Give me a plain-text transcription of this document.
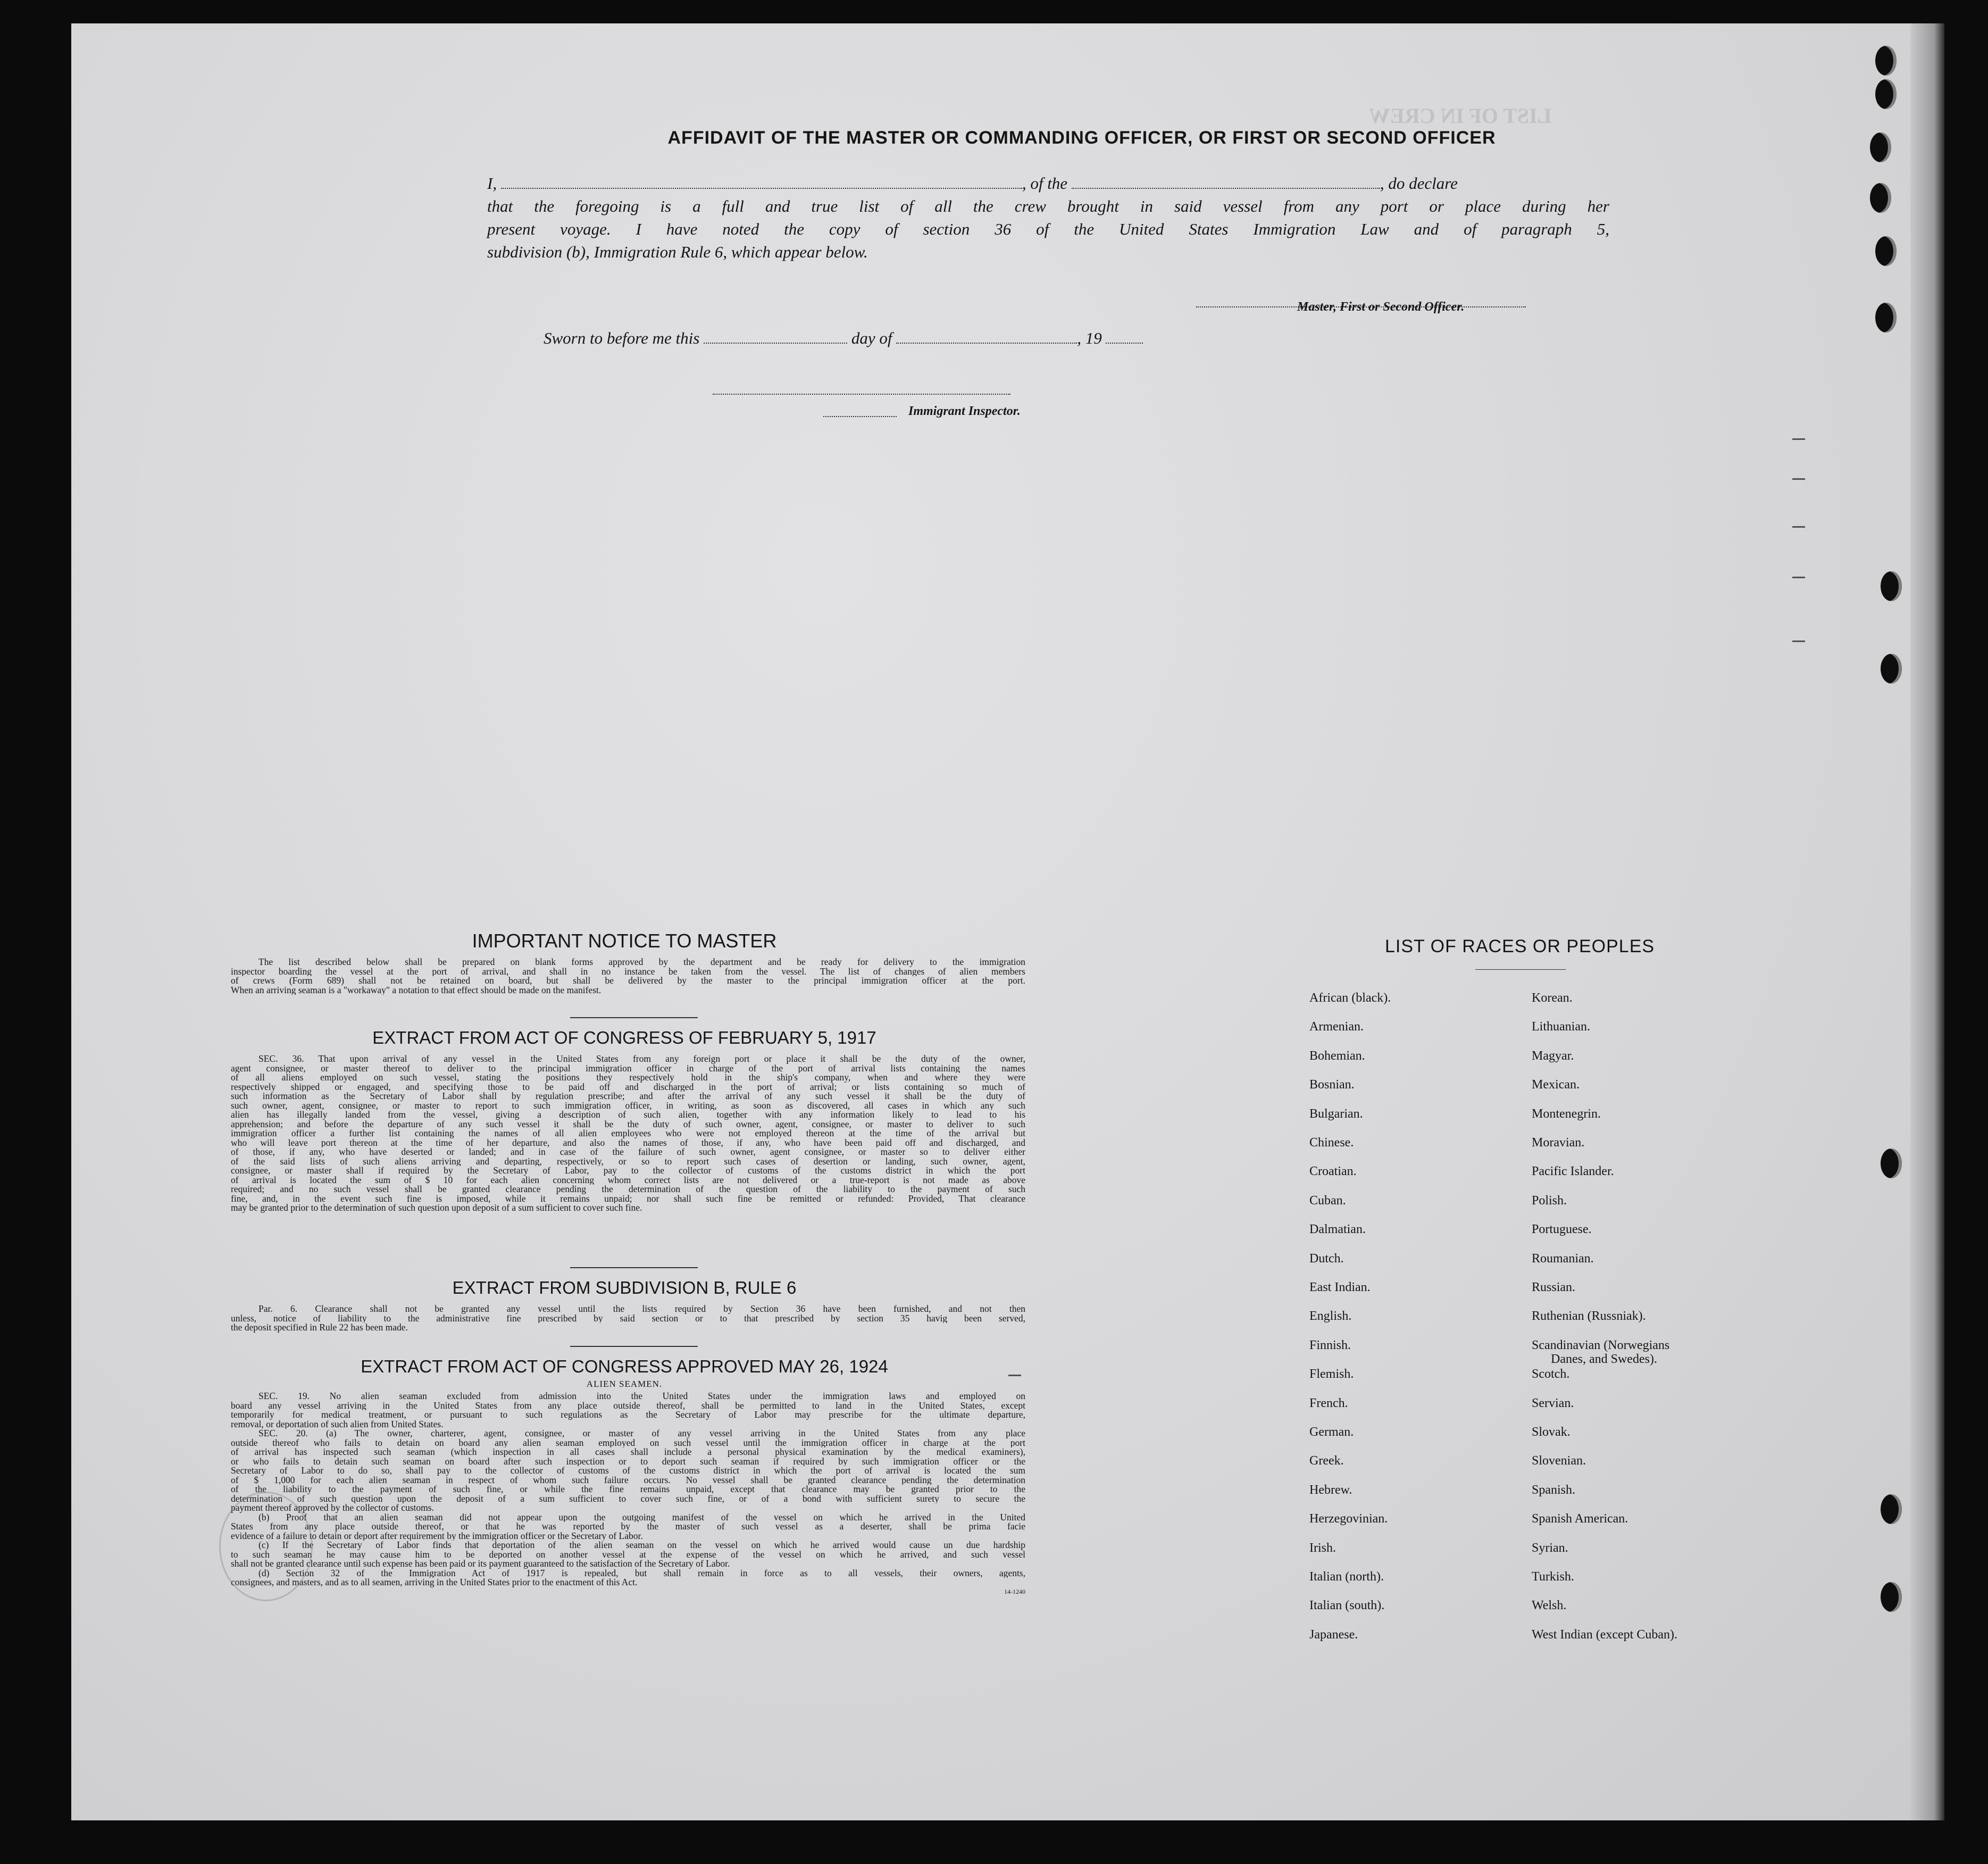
LIST OF IN CREW
AFFIDAVIT OF THE MASTER OR COMMANDING OFFICER, OR FIRST OR SECOND OFFICER
I,	, of the	, do declare
that the foregoing is a full and true list of all the crew brought in said vessel from any port or place during her
present voyage. I have noted the copy of section 36 of the United States Immigration Law and of paragraph 5,
subdivision (b), Immigration Rule 6, which appear below.
Master, First or Second Officer.
Sworn to before me this	day of	, 19
Immigrant Inspector.
IMPORTANT NOTICE TO MASTER
The list described below shall be prepared on blank forms approved by the department and be ready for delivery to the immigration
inspector boarding the vessel at the port of arrival, and shall in no instance be taken from the vessel. The list of changes of alien members
of crews (Form 689) shall not be retained on board, but shall be delivered by the master to the principal immigration officer at the port.
When an arriving seaman is a "workaway" a notation to that effect should be made on the manifest.
EXTRACT FROM ACT OF CONGRESS OF FEBRUARY 5, 1917
SEC. 36. That upon arrival of any vessel in the United States from any foreign port or place it shall be the duty of the owner,
agent consignee, or master thereof to deliver to the principal immigration officer in charge of the port of arrival lists containing the names
of all aliens employed on such vessel, stating the positions they respectively hold in the ship's company, when and where they were
respectively shipped or engaged, and specifying those to be paid off and discharged in the port of arrival; or lists containing so much of
such information as the Secretary of Labor shall by regulation prescribe; and after the arrival of any such vessel it shall be the duty of
such owner, agent, consignee, or master to report to such immigration officer, in writing, as soon as discovered, all cases in which any such
alien has illegally landed from the vessel, giving a description of such alien, together with any information likely to lead to his
apprehension; and before the departure of any such vessel it shall be the duty of such owner, agent, consignee, or master to deliver to such
immigration officer a further list containing the names of all alien employees who were not employed thereon at the time of the arrival but
who will leave port thereon at the time of her departure, and also the names of those, if any, who have been paid off and discharged, and
of those, if any, who have deserted or landed; and in case of the failure of such owner, agent consignee, or master so to deliver either
of the said lists of such aliens arriving and departing, respectively, or so to report such cases of desertion or landing, such owner, agent,
consignee, or master shall if required by the Secretary of Labor, pay to the collector of customs of the customs district in which the port
of arrival is located the sum of $ 10 for each alien concerning whom correct lists are not delivered or a true-report is not made as above
required; and no such vessel shall be granted clearance pending the determination of the question of the liability to the payment of such
fine, and, in the event such fine is imposed, while it remains unpaid; nor shall such fine be remitted or refunded: Provided, That clearance
may be granted prior to the determination of such question upon deposit of a sum sufficient to cover such fine.
EXTRACT FROM SUBDIVISION B, RULE 6
Par. 6. Clearance shall not be granted any vessel until the lists required by Section 36 have been furnished, and not then
unless, notice of liability to the administrative fine prescribed by said section or to that prescribed by section 35 havig been served,
the deposit specified in Rule 22 has been made.
EXTRACT FROM ACT OF CONGRESS APPROVED MAY 26, 1924
ALIEN SEAMEN.
SEC. 19. No alien seaman excluded from admission into the United States under the immigration laws and employed on
board any vessel arriving in the United States from any place outside thereof, shall be permitted to land in the United States, except
temporarily for medical treatment, or pursuant to such regulations as the Secretary of Labor may prescribe for the ultimate departure,
removal, or deportation of such alien from United States.
SEC. 20. (a) The owner, charterer, agent, consignee, or master of any vessel arriving in the United States from any place
outside thereof who fails to detain on board any alien seaman employed on such vessel until the immigration officer in charge at the port
of arrival has inspected such seaman (which inspection in all cases shall include a personal physical examination by the medical examiners),
or who fails to detain such seaman on board after such inspection or to deport such seaman if required by such immigration officer or the
Secretary of Labor to do so, shall pay to the collector of customs of the customs district in which the port of arrival is located the sum
of $ 1,000 for each alien seaman in respect of whom such failure occurs. No vessel shall be granted clearance pending the determination
of the liability to the payment of such fine, or while the fine remains unpaid, except that clearance may be granted prior to the
determination of such question upon the deposit of a sum sufficient to cover such fine, or of a bond with sufficient surety to secure the
payment thereof approved by the collector of customs.
(b) Proof that an alien seaman did not appear upon the outgoing manifest of the vessel on which he arrived in the United
States from any place outside thereof, or that he was reported by the master of such vessel as a deserter, shall be prima facie
evidence of a failure to detain or deport after requirement by the immigration officer or the Secretary of Labor.
(c) If the Secretary of Labor finds that deportation of the alien seaman on the vessel on which he arrived would cause un due hardship
to such seaman he may cause him to be deported on another vessel at the expense of the vessel on which he arrived, and such vessel
shall not be granted clearance until such expense has been paid or its payment guaranteed to the satisfaction of the Secretary of Labor.
(d) Section 32 of the Immigration Act of 1917 is repealed, but shall remain in force as to all vessels, their owners, agents,
consignees, and masters, and as to all seamen, arriving in the United States prior to the enactment of this Act.
14-1240
LIST OF RACES OR PEOPLES
African (black).
Armenian.
Bohemian.
Bosnian.
Bulgarian.
Chinese.
Croatian.
Cuban.
Dalmatian.
Dutch.
East Indian.
English.
Finnish.
Flemish.
French.
German.
Greek.
Hebrew.
Herzegovinian.
Irish.
Italian (north).
Italian (south).
Japanese.
Korean.
Lithuanian.
Magyar.
Mexican.
Montenegrin.
Moravian.
Pacific Islander.
Polish.
Portuguese.
Roumanian.
Russian.
Ruthenian (Russniak).
Scandinavian (Norwegians
Scotch.
Servian.
Slovak.
Slovenian.
Spanish.
Spanish American.
Syrian.
Turkish.
Welsh.
West Indian (except Cuban).
Danes, and Swedes).
